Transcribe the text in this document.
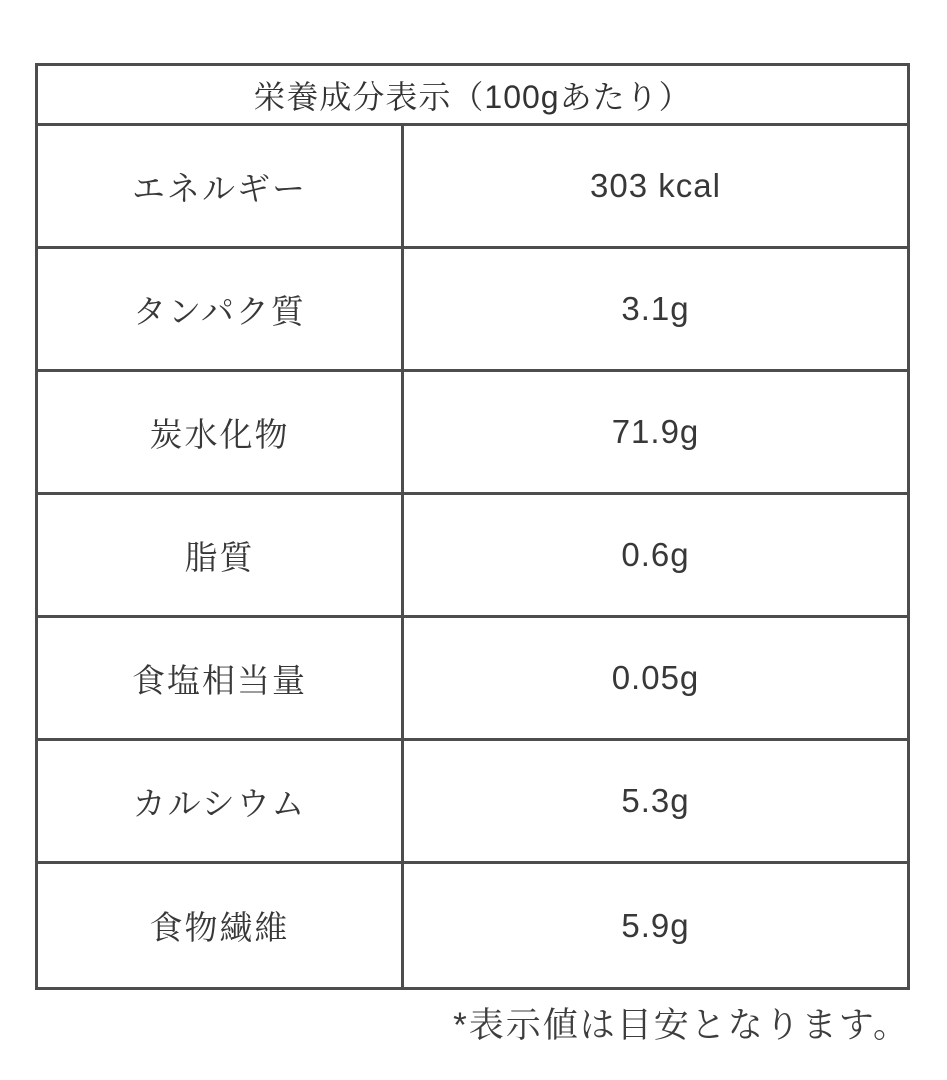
栄養成分表示（100gあたり）
エネルギー	303 kcal
タンパク質	3.1g
炭水化物	71.9g
脂質	0.6g
食塩相当量	0.05g
カルシウム	5.3g
食物繊維	5.9g
*表示値は目安となります。
